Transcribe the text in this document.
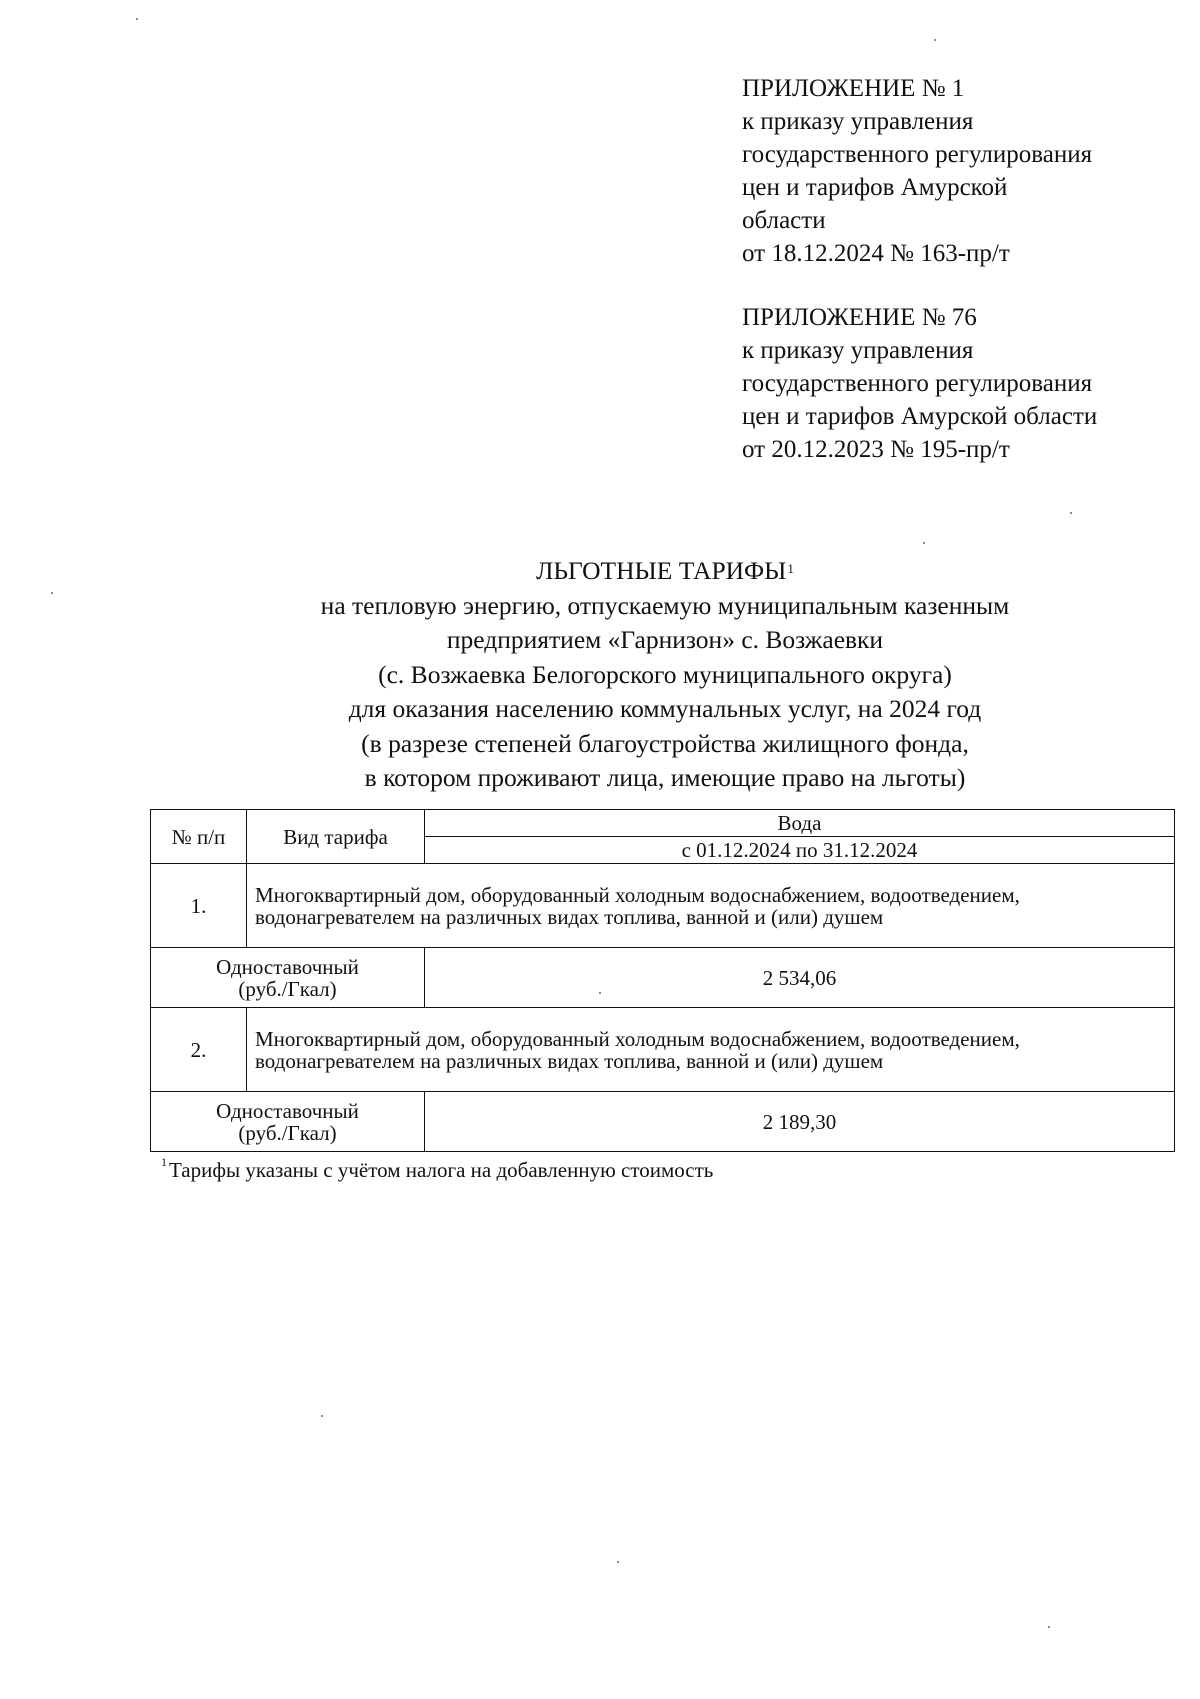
ПРИЛОЖЕНИЕ № 1
к приказу управления
государственного регулирования
цен и тарифов Амурской
области
от 18.12.2024 № 163-пр/т
ПРИЛОЖЕНИЕ № 76
к приказу управления
государственного регулирования
цен и тарифов Амурской области
от 20.12.2023 № 195-пр/т
ЛЬГОТНЫЕ ТАРИФЫ$^1$
на тепловую энергию, отпускаемую муниципальным казенным
предприятием «Гарнизон» с. Возжаевки
(с. Возжаевка Белогорского муниципального округа)
для оказания населению коммунальных услуг, на 2024 год
(в разрезе степеней благоустройства жилищного фонда,
в котором проживают лица, имеющие право на льготы)
№ п/п	Вид тарифа	Вода
		с 01.12.2024 по 31.12.2024
1.	Многоквартирный дом, оборудованный холодным водоснабжением, водоотведением, водонагревателем на различных видах топлива, ванной и (или) душем	

Одноставочный
(руб./Гкал)		2 534,06
2.	Многоквартирный дом, оборудованный холодным водоснабжением, водоотведением, водонагревателем на различных видах топлива, ванной и (или) душем	

Одноставочный
(руб./Гкал)		2 189,30
$^1$Тарифы указаны с учётом налога на добавленную стоимость
